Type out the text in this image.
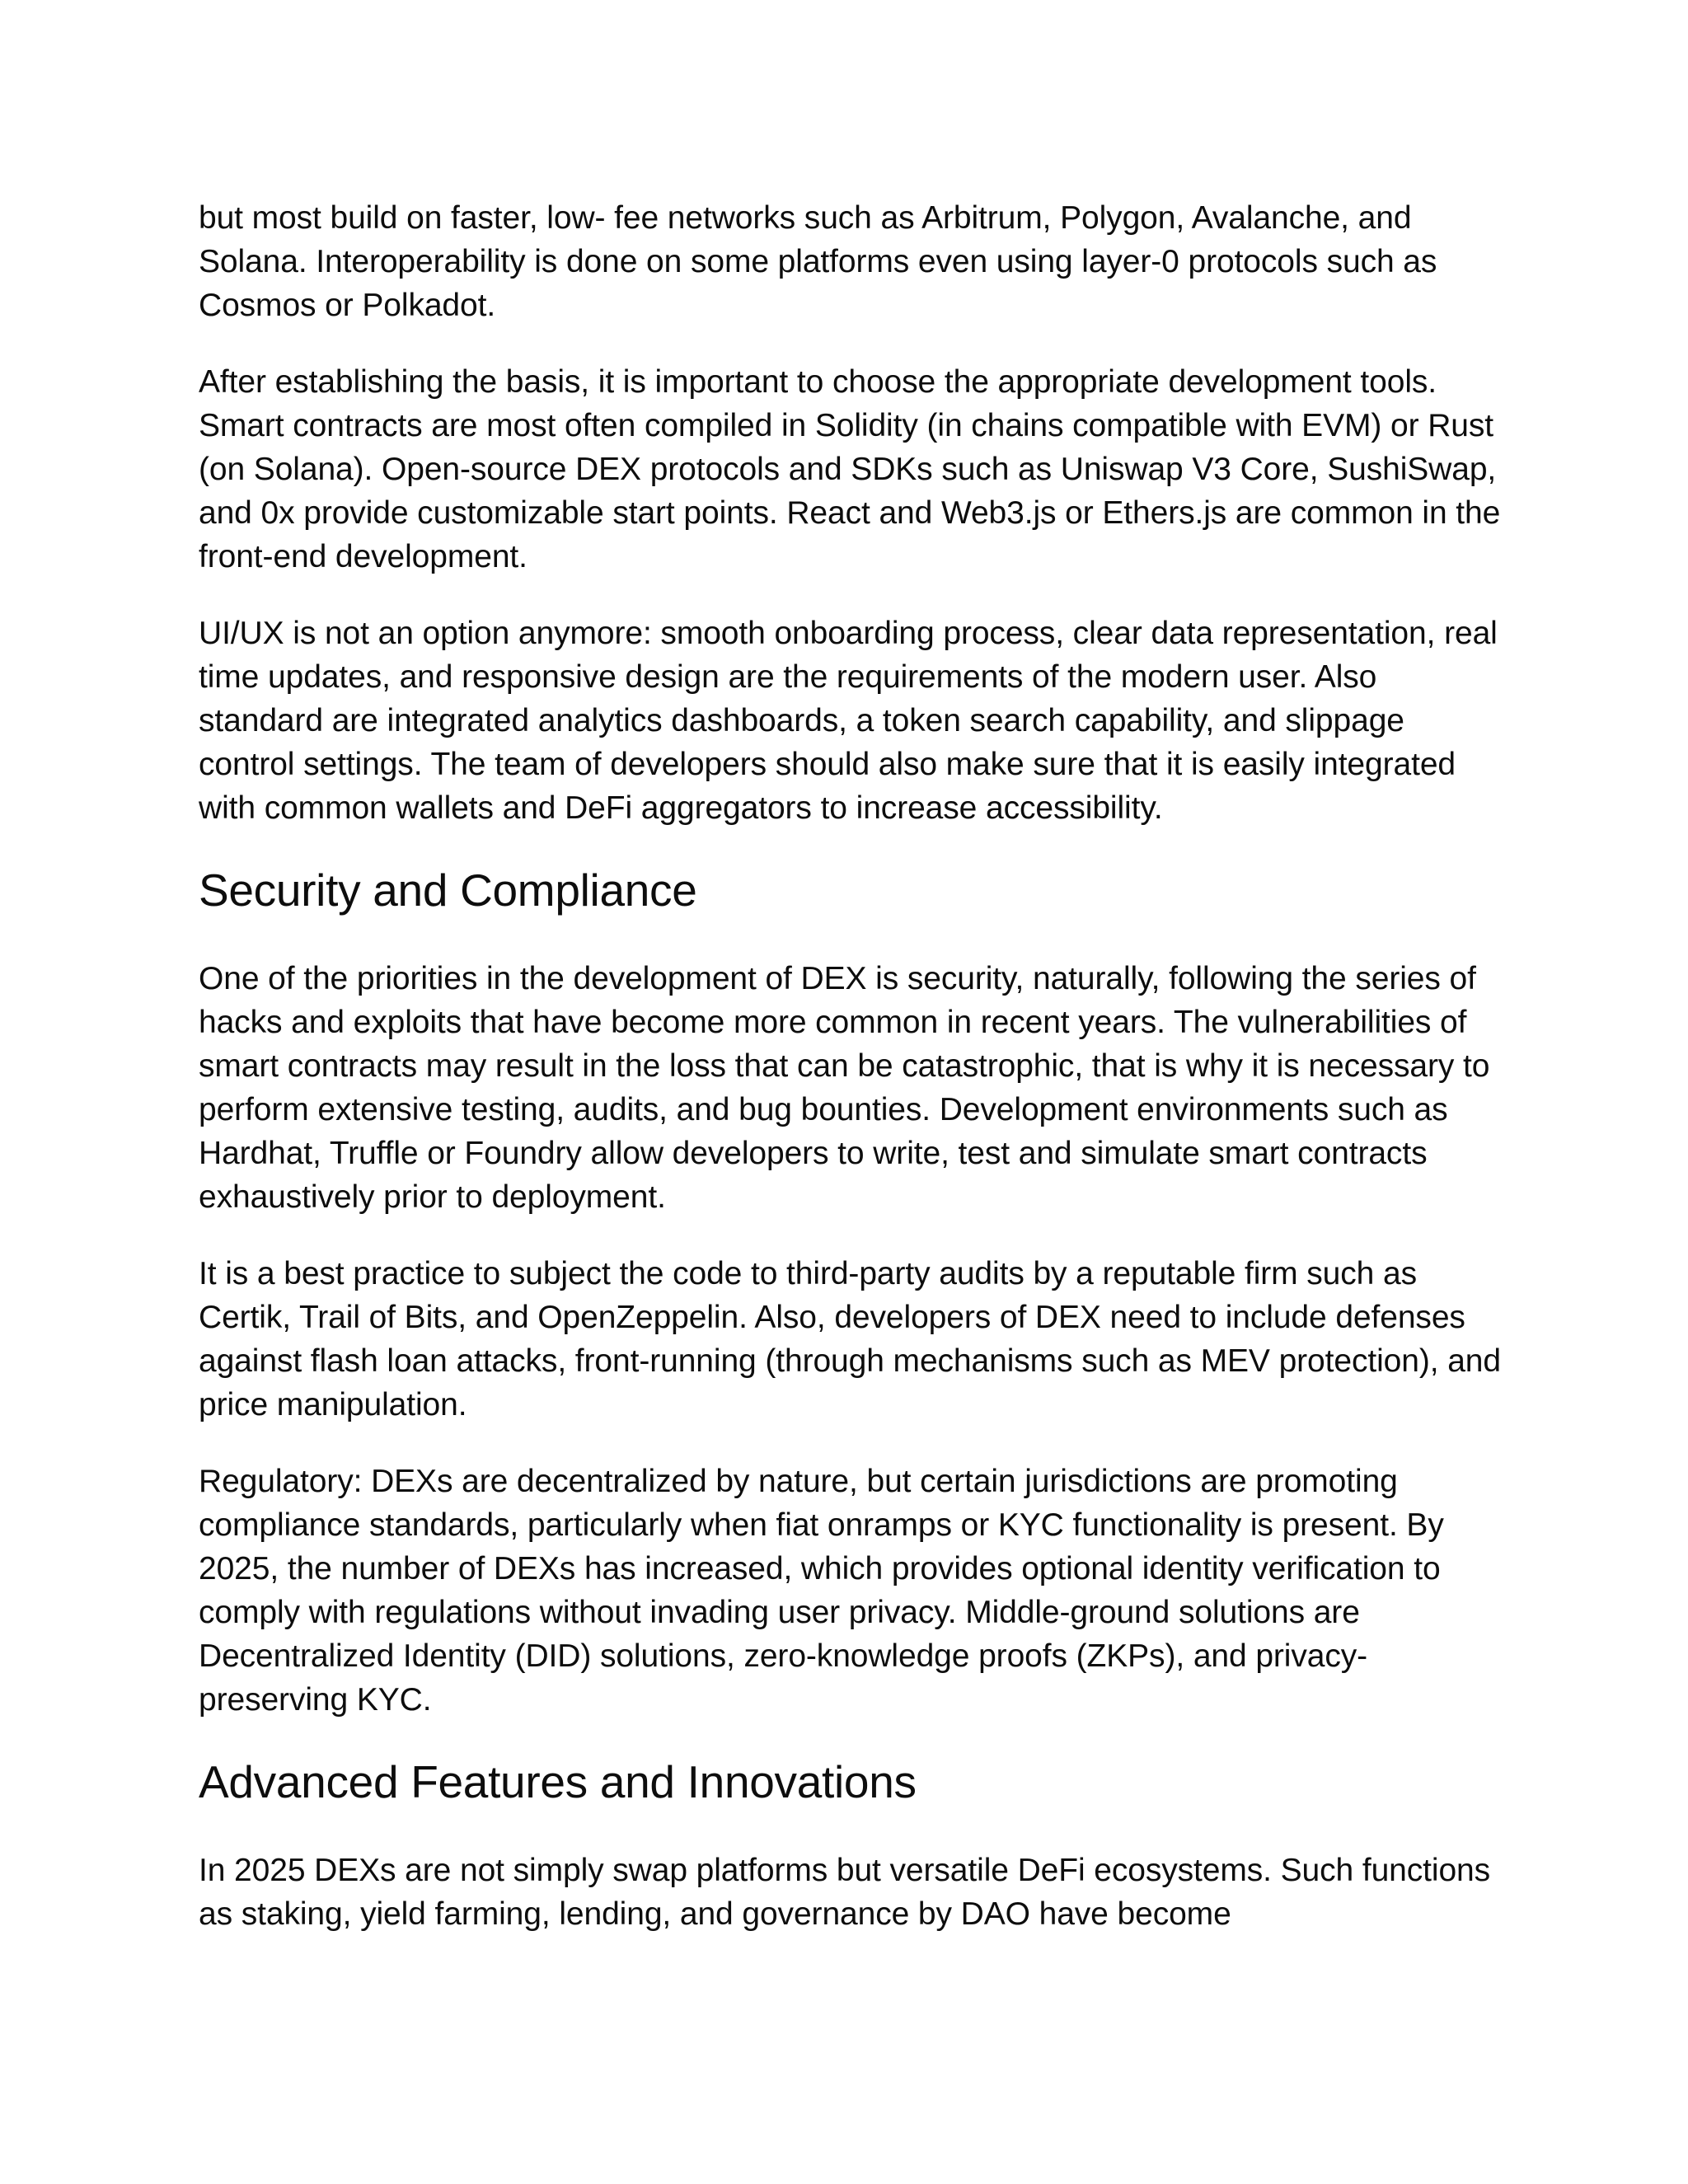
but most build on faster, low- fee networks such as Arbitrum, Polygon, Avalanche, and Solana. Interoperability is done on some platforms even using layer-0 protocols such as Cosmos or Polkadot.

After establishing the basis, it is important to choose the appropriate development tools. Smart contracts are most often compiled in Solidity (in chains compatible with EVM) or Rust (on Solana). Open-source DEX protocols and SDKs such as Uniswap V3 Core, SushiSwap, and 0x provide customizable start points. React and Web3.js or Ethers.js are common in the front-end development.

UI/UX is not an option anymore: smooth onboarding process, clear data representation, real time updates, and responsive design are the requirements of the modern user. Also standard are integrated analytics dashboards, a token search capability, and slippage control settings. The team of developers should also make sure that it is easily integrated with common wallets and DeFi aggregators to increase accessibility.

Security and Compliance

One of the priorities in the development of DEX is security, naturally, following the series of hacks and exploits that have become more common in recent years. The vulnerabilities of smart contracts may result in the loss that can be catastrophic, that is why it is necessary to perform extensive testing, audits, and bug bounties. Development environments such as Hardhat, Truffle or Foundry allow developers to write, test and simulate smart contracts exhaustively prior to deployment.

It is a best practice to subject the code to third-party audits by a reputable firm such as Certik, Trail of Bits, and OpenZeppelin. Also, developers of DEX need to include defenses against flash loan attacks, front-running (through mechanisms such as MEV protection), and price manipulation.

Regulatory: DEXs are decentralized by nature, but certain jurisdictions are promoting compliance standards, particularly when fiat onramps or KYC functionality is present. By 2025, the number of DEXs has increased, which provides optional identity verification to comply with regulations without invading user privacy. Middle-ground solutions are Decentralized Identity (DID) solutions, zero-knowledge proofs (ZKPs), and privacy-preserving KYC.

Advanced Features and Innovations

In 2025 DEXs are not simply swap platforms but versatile DeFi ecosystems. Such functions as staking, yield farming, lending, and governance by DAO have become
